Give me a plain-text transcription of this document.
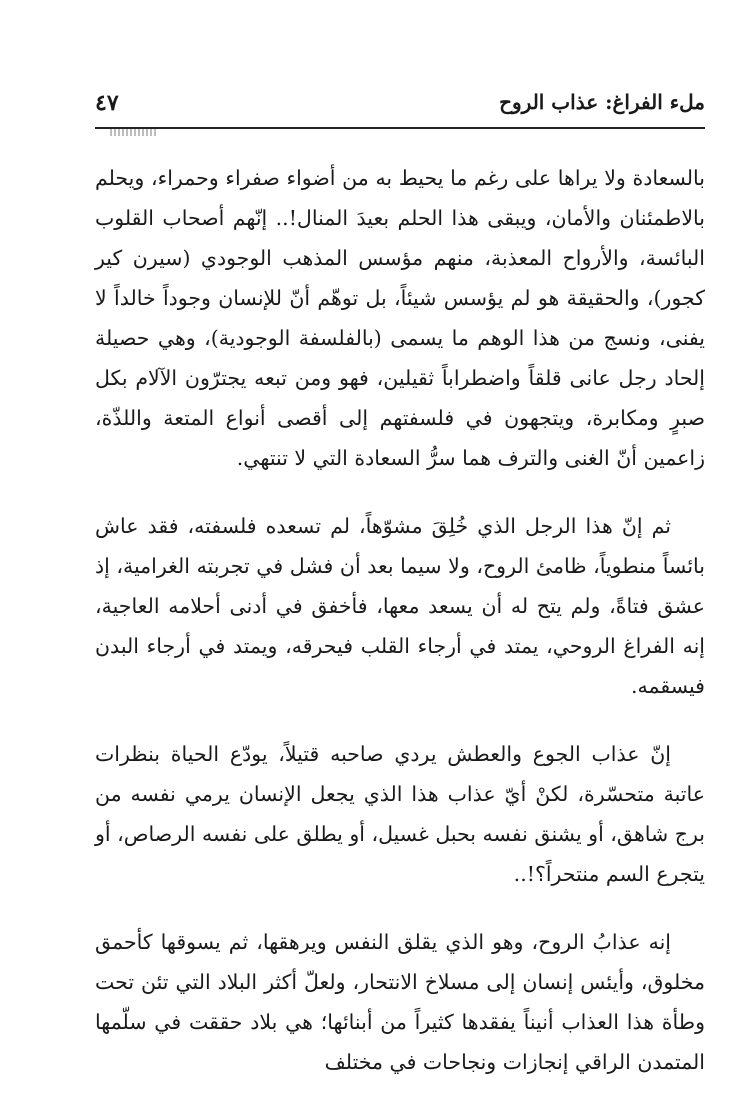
ملء الفراغ: عذاب الروح
٤٧

بالسعادة ولا يراها على رغم ما يحيط به من أضواء صفراء وحمراء، ويحلم بالاطمئنان والأمان، ويبقى هذا الحلم بعيدَ المنال!.. إنّهم أصحاب القلوب البائسة، والأرواح المعذبة، منهم مؤسس المذهب الوجودي (سيرن كير كجور)، والحقيقة هو لم يؤسس شيئاً، بل توهّم أنّ للإنسان وجوداً خالداً لا يفنى، ونسج من هذا الوهم ما يسمى (بالفلسفة الوجودية)، وهي حصيلة إلحاد رجل عانى قلقاً واضطراباً ثقيلين، فهو ومن تبعه يجترّون الآلام بكل صبرٍ ومكابرة، ويتجهون في فلسفتهم إلى أقصى أنواع المتعة واللذّة، زاعمين أنّ الغنى والترف هما سرُّ السعادة التي لا تنتهي.

ثم إنّ هذا الرجل الذي خُلِقَ مشوّهاً، لم تسعده فلسفته، فقد عاش بائساً منطوياً، ظامئ الروح، ولا سيما بعد أن فشل في تجربته الغرامية، إذ عشق فتاةً، ولم يتح له أن يسعد معها، فأخفق في أدنى أحلامه العاجية، إنه الفراغ الروحي، يمتد في أرجاء القلب فيحرقه، ويمتد في أرجاء البدن فيسقمه.

إنّ عذاب الجوع والعطش يردي صاحبه قتيلاً، يودّع الحياة بنظرات عاتبة متحسّرة، لكنْ أيّ عذاب هذا الذي يجعل الإنسان يرمي نفسه من برج شاهق، أو يشنق نفسه بحبل غسيل، أو يطلق على نفسه الرصاص، أو يتجرع السم منتحراً؟!..

إنه عذابُ الروح، وهو الذي يقلق النفس ويرهقها، ثم يسوقها كأحمق مخلوق، وأيئس إنسان إلى مسلاخ الانتحار، ولعلّ أكثر البلاد التي تئن تحت وطأة هذا العذاب أنيناً يفقدها كثيراً من أبنائها؛ هي بلاد حققت في سلّمها المتمدن الراقي إنجازات ونجاحات في مختلف
